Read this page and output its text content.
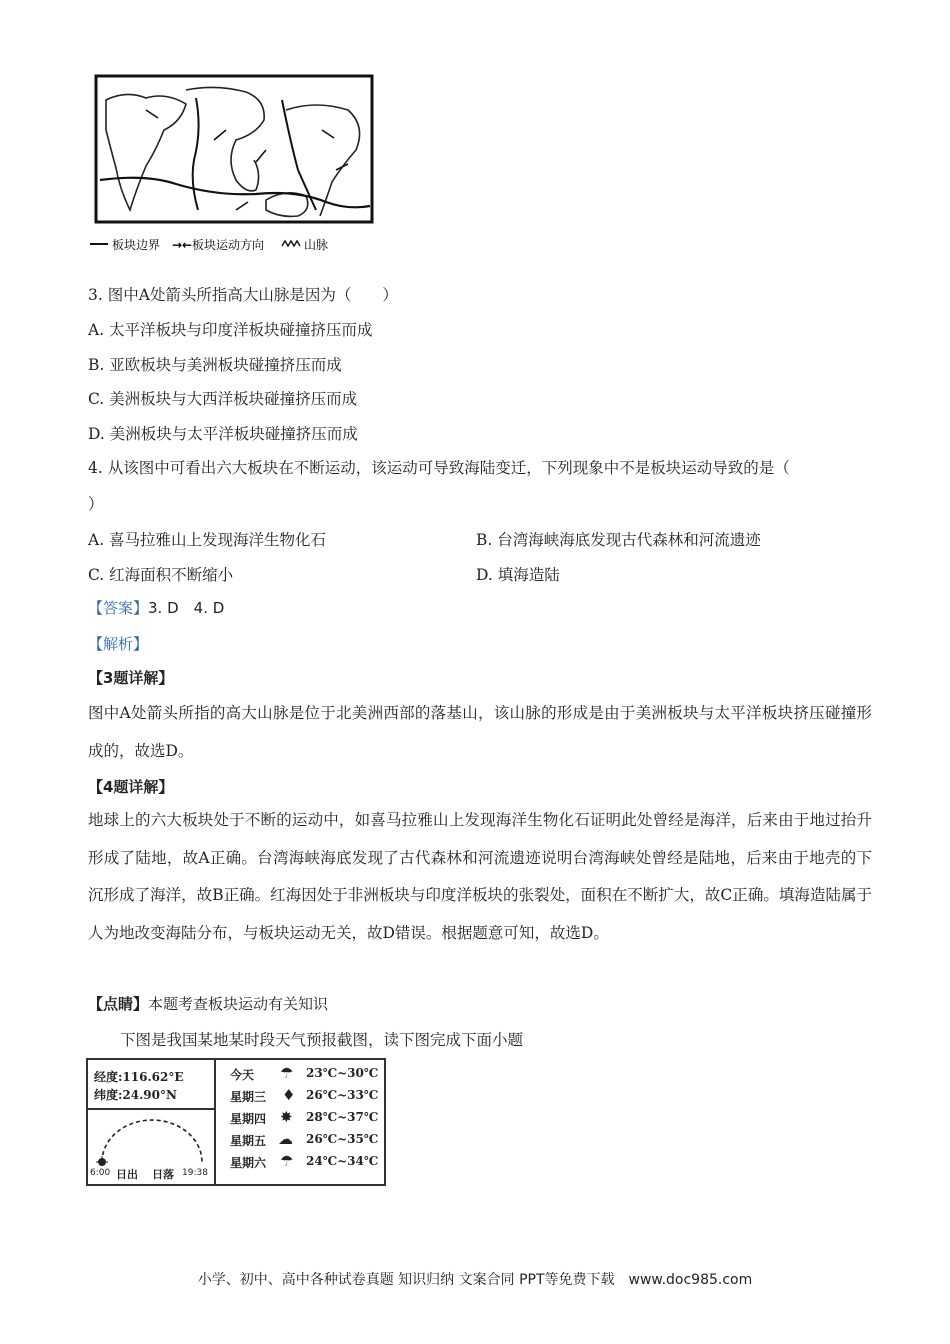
板块边界 →← 板块运动方向	山脉
3. 图中A处箭头所指高大山脉是因为（　　）
A. 太平洋板块与印度洋板块碰撞挤压而成
B. 亚欧板块与美洲板块碰撞挤压而成
C. 美洲板块与大西洋板块碰撞挤压而成
D. 美洲板块与太平洋板块碰撞挤压而成
4. 从该图中可看出六大板块在不断运动，该运动可导致海陆变迁，下列现象中不是板块运动导致的是（
）
A. 喜马拉雅山上发现海洋生物化石	B. 台湾海峡海底发现古代森林和河流遗迹
C. 红海面积不断缩小	D. 填海造陆
【答案】3. D　4. D
【解析】
【3题详解】
图中A处箭头所指的高大山脉是位于北美洲西部的落基山，该山脉的形成是由于美洲板块与太平洋板块挤压碰撞形成的，故选D。
【4题详解】
地球上的六大板块处于不断的运动中，如喜马拉雅山上发现海洋生物化石证明此处曾经是海洋，后来由于地过抬升形成了陆地，故A正确。台湾海峡海底发现了古代森林和河流遗迹说明台湾海峡处曾经是陆地，后来由于地壳的下沉形成了海洋，故B正确。红海因处于非洲板块与印度洋板块的张裂处，面积在不断扩大，故C正确。填海造陆属于人为地改变海陆分布，与板块运动无关，故D错误。根据题意可知，故选D。
【点睛】本题考查板块运动有关知识
下图是我国某地某时段天气预报截图，读下图完成下面小题
经度:116.62°E
纬度:24.90°N
6:00 日出 日落 19:38
今天 ☂ 23℃~30℃
星期三 ♦ 26℃~33℃
星期四 ✸ 28℃~37℃
星期五 ☁ 26℃~35℃
星期六 ☂ 24℃~34℃
小学、初中、高中各种试卷真题 知识归纳 文案合同 PPT等免费下载　www.doc985.com
